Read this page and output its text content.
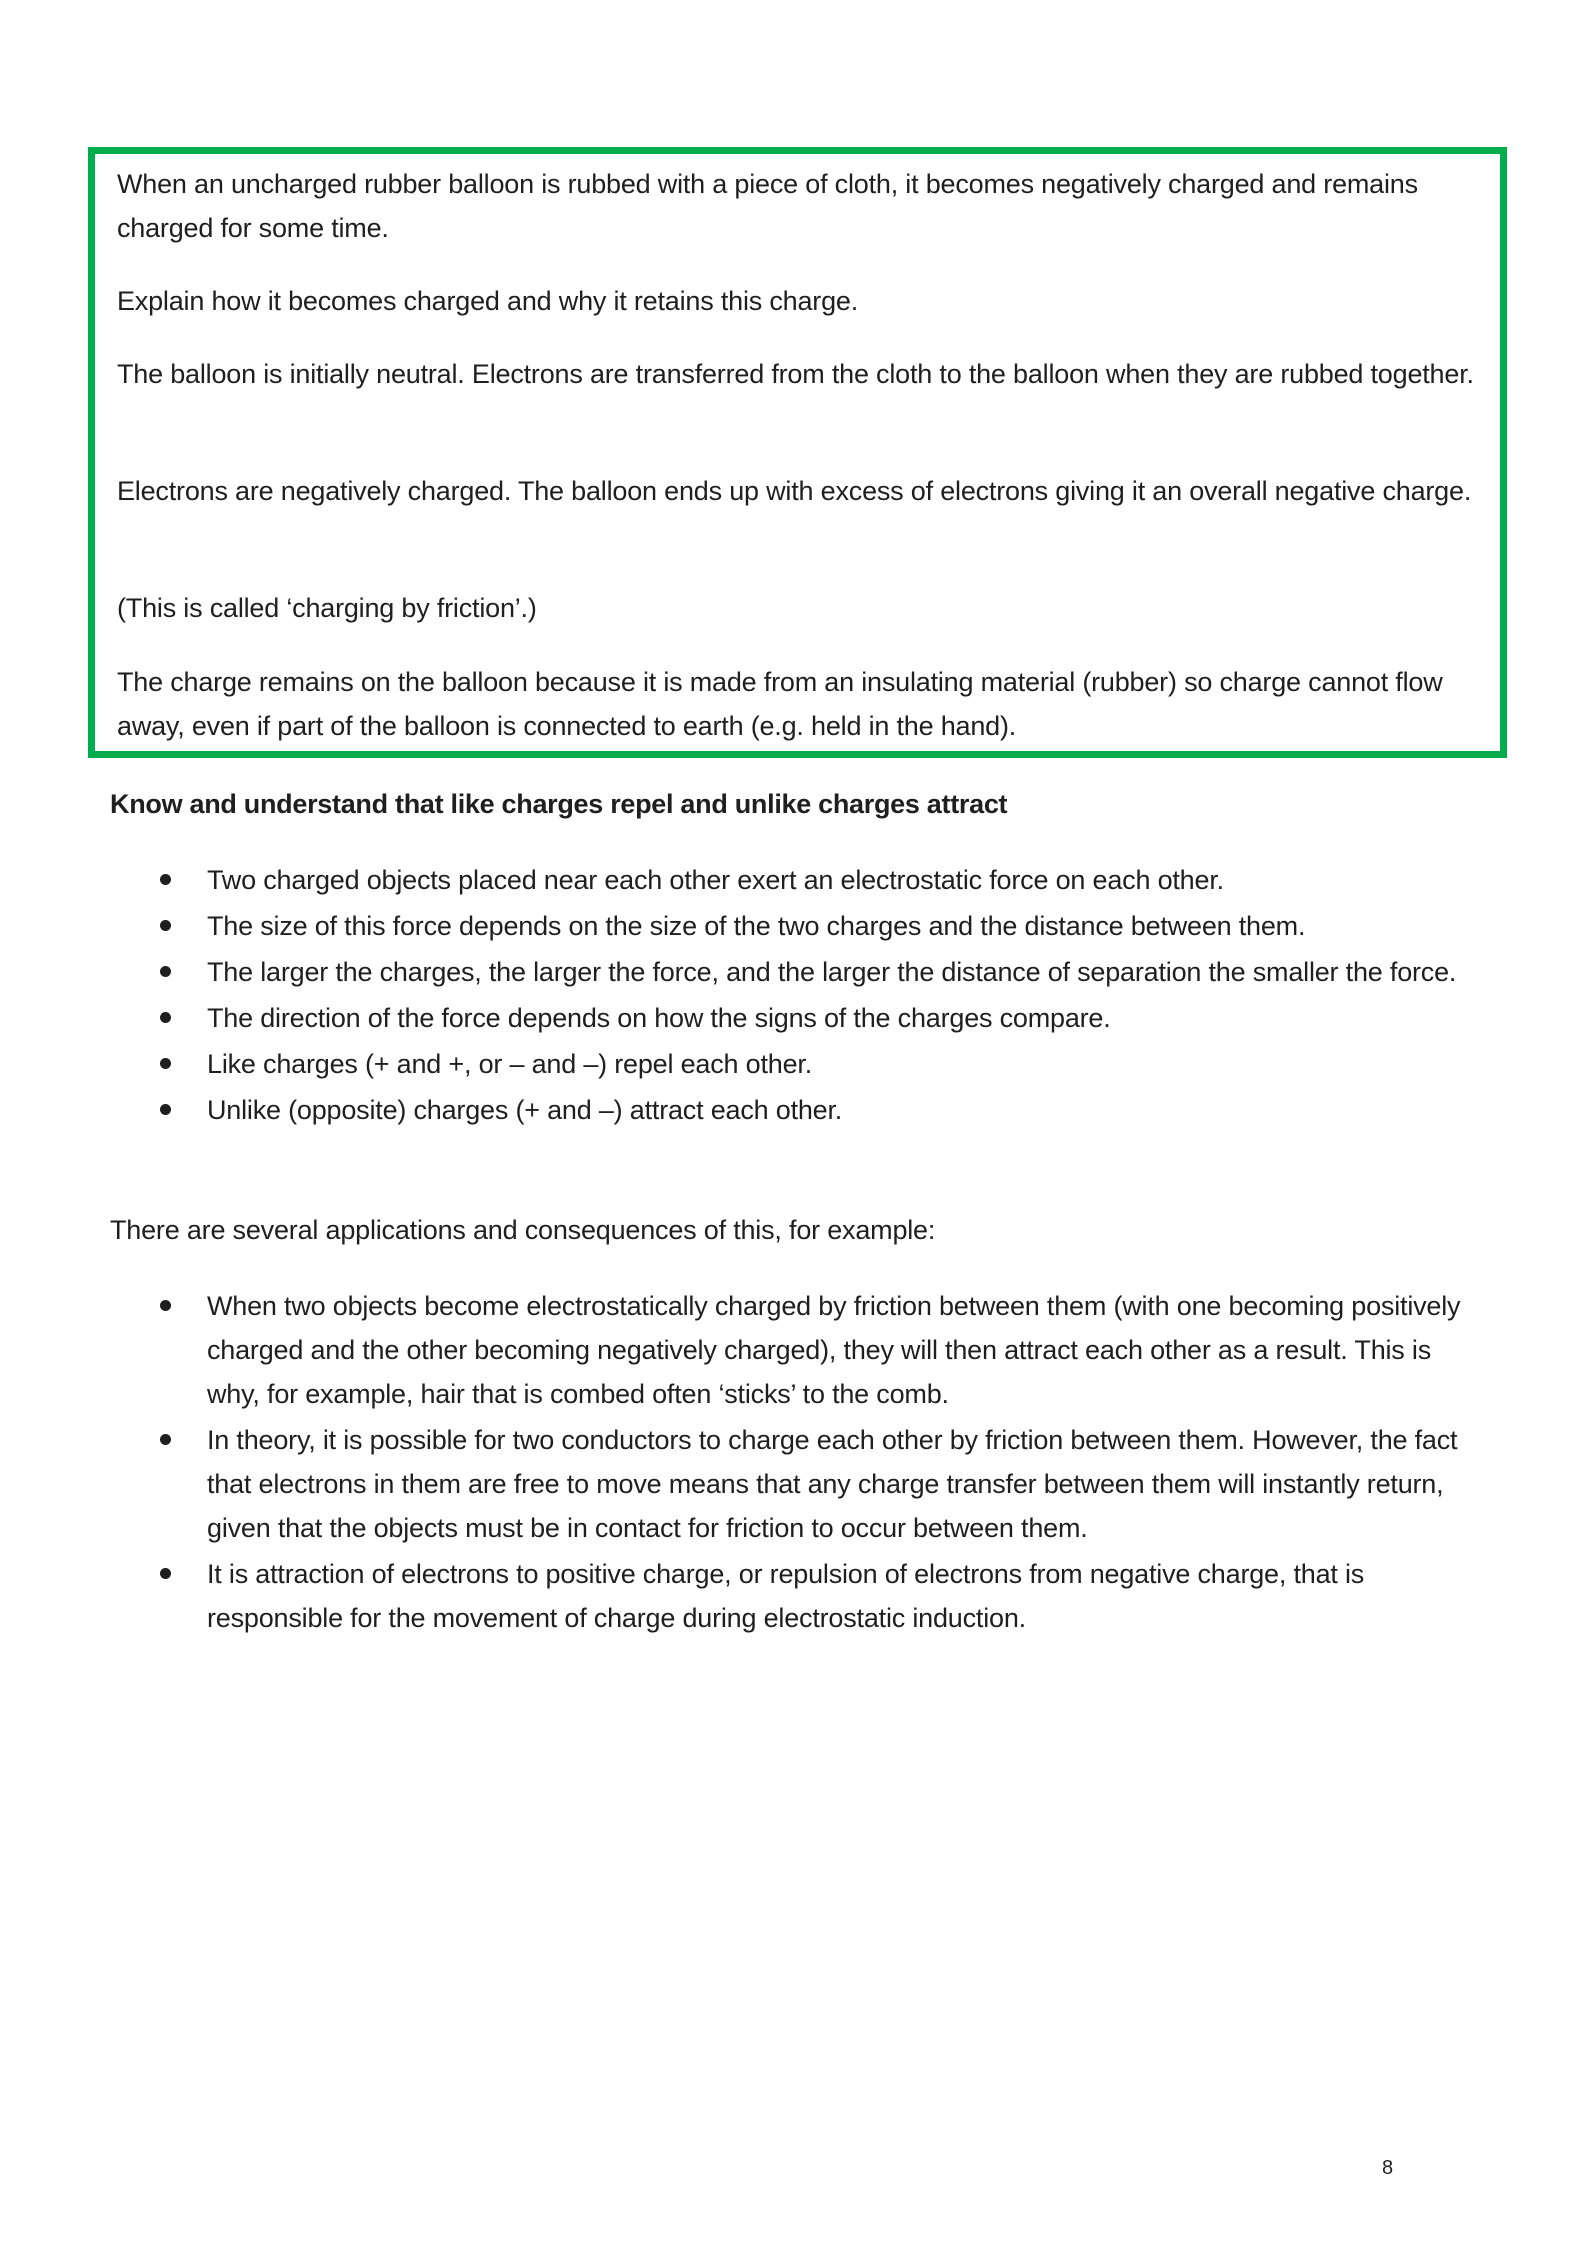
When an uncharged rubber balloon is rubbed with a piece of cloth, it becomes negatively charged and remains charged for some time.

Explain how it becomes charged and why it retains this charge.

The balloon is initially neutral. Electrons are transferred from the cloth to the balloon when they are rubbed together.

Electrons are negatively charged. The balloon ends up with excess of electrons giving it an overall negative charge.

(This is called ‘charging by friction’.)

The charge remains on the balloon because it is made from an insulating material (rubber) so charge cannot flow away, even if part of the balloon is connected to earth (e.g. held in the hand).

Know and understand that like charges repel and unlike charges attract
Two charged objects placed near each other exert an electrostatic force on each other.
The size of this force depends on the size of the two charges and the distance between them.
The larger the charges, the larger the force, and the larger the distance of separation the smaller the force.
The direction of the force depends on how the signs of the charges compare.
Like charges (+ and +, or – and –) repel each other.
Unlike (opposite) charges (+ and –) attract each other.

There are several applications and consequences of this, for example:

When two objects become electrostatically charged by friction between them (with one becoming positively charged and the other becoming negatively charged), they will then attract each other as a result. This is why, for example, hair that is combed often ‘sticks’ to the comb.
In theory, it is possible for two conductors to charge each other by friction between them. However, the fact that electrons in them are free to move means that any charge transfer between them will instantly return, given that the objects must be in contact for friction to occur between them.
It is attraction of electrons to positive charge, or repulsion of electrons from negative charge, that is responsible for the movement of charge during electrostatic induction.
8
